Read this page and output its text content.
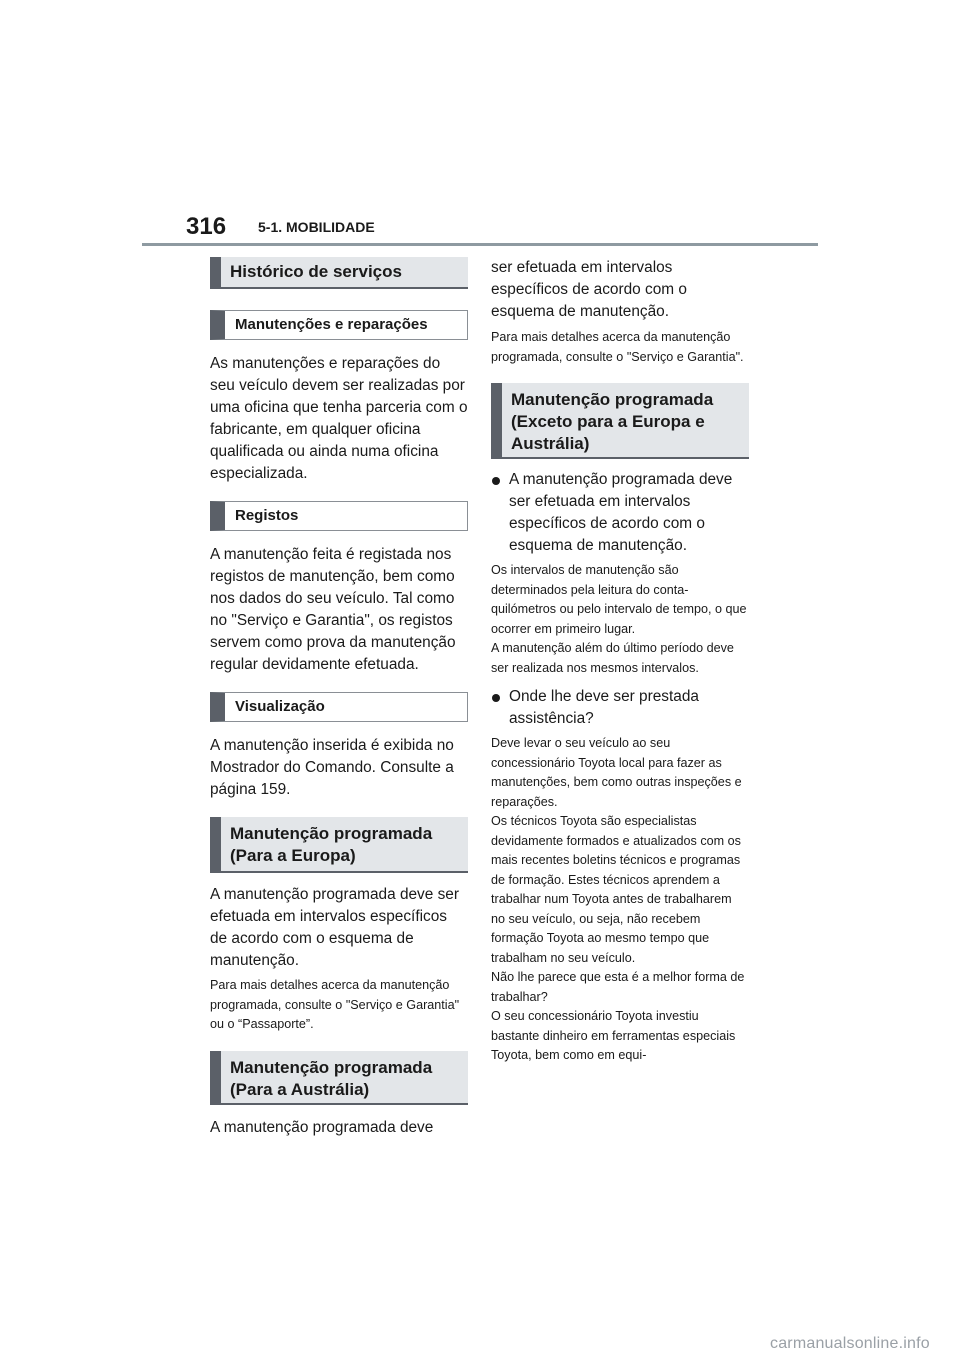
316 5-1. MOBILIDADE
Histórico de serviços
Manutenções e reparações

As manutenções e reparações do seu veículo devem ser realizadas por uma oficina que tenha parceria com o fabricante, em qualquer oficina qualificada ou ainda numa oficina especializada.

Registos

A manutenção feita é registada nos registos de manutenção, bem como nos dados do seu veículo. Tal como no "Serviço e Garantia", os registos servem como prova da manutenção regular devidamente efetuada.

Visualização

A manutenção inserida é exibida no Mostrador do Comando. Consulte a página 159.

Manutenção programada (Para a Europa)

A manutenção programada deve ser efetuada em intervalos específicos de acordo com o esquema de manutenção.

Para mais detalhes acerca da manutenção programada, consulte o "Serviço e Garantia" ou o “Passaporte”.

Manutenção programada (Para a Austrália)

A manutenção programada deve

ser efetuada em intervalos específicos de acordo com o esquema de manutenção.

Para mais detalhes acerca da manutenção programada, consulte o "Serviço e Garantia".

Manutenção programada (Exceto para a Europa e Austrália)

A manutenção programada deve ser efetuada em intervalos específicos de acordo com o esquema de manutenção.

Os intervalos de manutenção são determinados pela leitura do conta-quilómetros ou pelo intervalo de tempo, o que ocorrer em primeiro lugar.

A manutenção além do último período deve ser realizada nos mesmos intervalos.

Onde lhe deve ser prestada assistência?

Deve levar o seu veículo ao seu concessionário Toyota local para fazer as manutenções, bem como outras inspeções e reparações.

Os técnicos Toyota são especialistas devidamente formados e atualizados com os mais recentes boletins técnicos e programas de formação. Estes técnicos aprendem a trabalhar num Toyota antes de trabalharem no seu veículo, ou seja, não recebem formação Toyota ao mesmo tempo que trabalham no seu veículo.

Não lhe parece que esta é a melhor forma de trabalhar?

O seu concessionário Toyota investiu bastante dinheiro em ferramentas especiais Toyota, bem como em equi-

carmanualsonline.info
